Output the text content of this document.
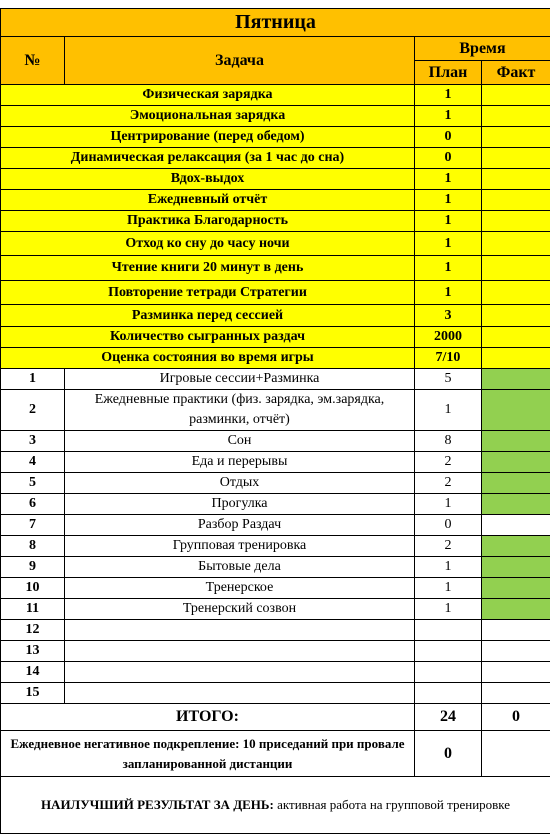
Пятница			
№	Задача	Время	
		План	Факт
Физическая зарядка		1	
Эмоциональная зарядка		1	
Центрирование (перед обедом)		0	
Динамическая релаксация (за 1 час до сна)		0	
Вдох-выдох		1	
Ежедневный отчёт		1	
Практика Благодарность		1	
Отход ко сну до часу ночи		1	
Чтение книги 20 минут в день		1	
Повторение тетради Стратегии		1	
Разминка перед сессией		3	
Количество сыгранных раздач		2000	
Оценка состояния во время игры		7/10	
1	Игровые сессии+Разминка	5	
2	Ежедневные практики (физ. зарядка, эм.зарядка, разминки, отчёт)	1	
3	Сон	8	
4	Еда и перерывы	2	
5	Отдых	2	
6	Прогулка	1	
7	Разбор Раздач	0	
8	Групповая тренировка	2	
9	Бытовые дела	1	
10	Тренерское	1	
11	Тренерский созвон	1	
12			
13			
14			
15			
ИТОГО:		24	0
Ежедневное негативное подкрепление: 10 приседаний при провале запланированной дистанции		0	
НАИЛУЧШИЙ РЕЗУЛЬТАТ ЗА ДЕНЬ: активная работа на групповой тренировке			
